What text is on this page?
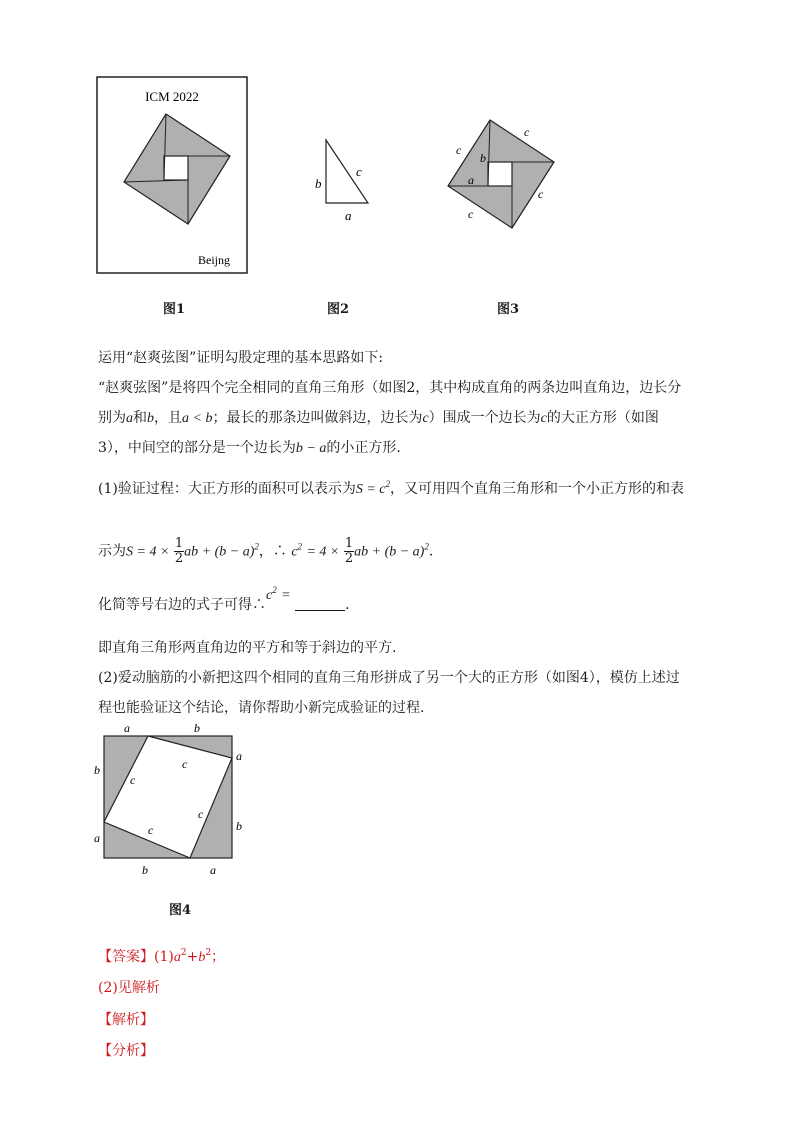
ICM 2022
Beijng
图1
b
c
a
图2
c
c
c
c
b
a
图3
运用“赵爽弦图”证明勾股定理的基本思路如下:
“赵爽弦图”是将四个完全相同的直角三角形（如图2，其中构成直角的两条边叫直角边，边长分
别为a和b，且a < b；最长的那条边叫做斜边，边长为c）围成一个边长为c的大正方形（如图
3），中间空的部分是一个边长为b − a的小正方形.
(1)验证过程：大正方形的面积可以表示为$S = c^2$，又可用四个直角三角形和一个小正方形的和表
示为$S = 4 \times \frac{1}{2}$ ab + $(b - a)^2$，∴ $c^2 = 4 \times \frac{1}{2}$ ab + $(b - a)^2$.
化简等号右边的式子可得$\therefore c^2$ = .
即直角三角形两直角边的平方和等于斜边的平方.
(2)爱动脑筋的小新把这四个相同的直角三角形拼成了另一个大的正方形（如图4），模仿上述过
程也能验证这个结论，请你帮助小新完成验证的过程.
a	b
a
b
b	a
b
a
c
c
c
c
图4
【答案】$(1)a^2+b^2$；
(2)见解析
【解析】
【分析】
